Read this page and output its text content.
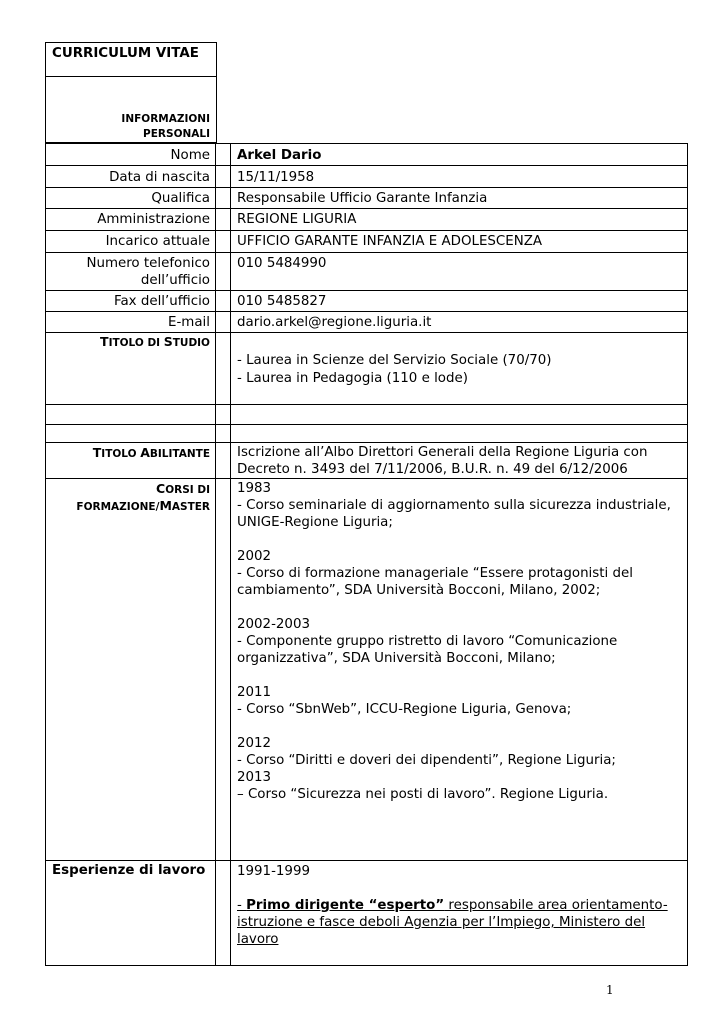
CURRICULUM VITAE
INFORMAZIONI
PERSONALI
Nome Arkel Dario
Data di nascita 15/11/1958
Qualifica Responsabile Ufficio Garante Infanzia
Amministrazione REGIONE LIGURIA
Incarico attuale UFFICIO GARANTE INFANZIA E ADOLESCENZA
Numero telefonico
dell’ufficio
010 5484990
Fax dell’ufficio 010 5485827
E-mail dario.arkel@regione.liguria.it
TITOLO DI STUDIO
- Laurea in Scienze del Servizio Sociale (70/70)
- Laurea in Pedagogia (110 e lode)
TITOLO ABILITANTE Iscrizione all’Albo Direttori Generali della Regione Liguria con
Decreto n. 3493 del 7/11/2006, B.U.R. n. 49 del 6/12/2006
CORSI DI
FORMAZIONE/MASTER
1983
- Corso seminariale di aggiornamento sulla sicurezza industriale,
UNIGE-Regione Liguria;
2002
- Corso di formazione manageriale “Essere protagonisti del
cambiamento”, SDA Università Bocconi, Milano, 2002;
2002-2003
- Componente gruppo ristretto di lavoro “Comunicazione
organizzativa”, SDA Università Bocconi, Milano;
2011
- Corso “SbnWeb”, ICCU-Regione Liguria, Genova;
2012
- Corso “Diritti e doveri dei dipendenti”, Regione Liguria;
2013
– Corso “Sicurezza nei posti di lavoro”. Regione Liguria.
Esperienze di lavoro 1991-1999
- Primo dirigente “esperto” responsabile area orientamento-
istruzione e fasce deboli Agenzia per l’Impiego, Ministero del
lavoro
1
